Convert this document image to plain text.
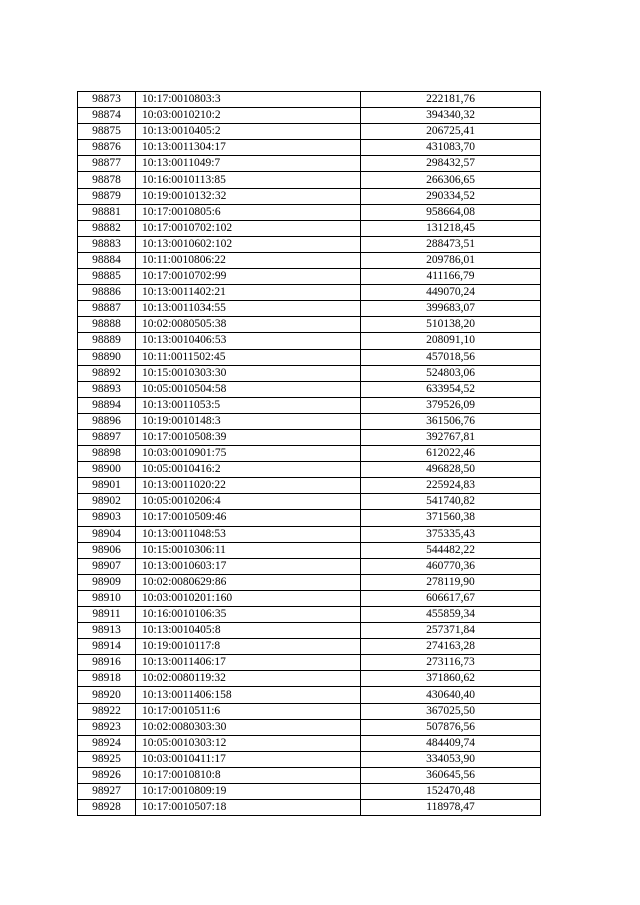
98873	10:17:0010803:3	222181,76
98874	10:03:0010210:2	394340,32
98875	10:13:0010405:2	206725,41
98876	10:13:0011304:17	431083,70
98877	10:13:0011049:7	298432,57
98878	10:16:0010113:85	266306,65
98879	10:19:0010132:32	290334,52
98881	10:17:0010805:6	958664,08
98882	10:17:0010702:102	131218,45
98883	10:13:0010602:102	288473,51
98884	10:11:0010806:22	209786,01
98885	10:17:0010702:99	411166,79
98886	10:13:0011402:21	449070,24
98887	10:13:0011034:55	399683,07
98888	10:02:0080505:38	510138,20
98889	10:13:0010406:53	208091,10
98890	10:11:0011502:45	457018,56
98892	10:15:0010303:30	524803,06
98893	10:05:0010504:58	633954,52
98894	10:13:0011053:5	379526,09
98896	10:19:0010148:3	361506,76
98897	10:17:0010508:39	392767,81
98898	10:03:0010901:75	612022,46
98900	10:05:0010416:2	496828,50
98901	10:13:0011020:22	225924,83
98902	10:05:0010206:4	541740,82
98903	10:17:0010509:46	371560,38
98904	10:13:0011048:53	375335,43
98906	10:15:0010306:11	544482,22
98907	10:13:0010603:17	460770,36
98909	10:02:0080629:86	278119,90
98910	10:03:0010201:160	606617,67
98911	10:16:0010106:35	455859,34
98913	10:13:0010405:8	257371,84
98914	10:19:0010117:8	274163,28
98916	10:13:0011406:17	273116,73
98918	10:02:0080119:32	371860,62
98920	10:13:0011406:158	430640,40
98922	10:17:0010511:6	367025,50
98923	10:02:0080303:30	507876,56
98924	10:05:0010303:12	484409,74
98925	10:03:0010411:17	334053,90
98926	10:17:0010810:8	360645,56
98927	10:17:0010809:19	152470,48
98928	10:17:0010507:18	118978,47
